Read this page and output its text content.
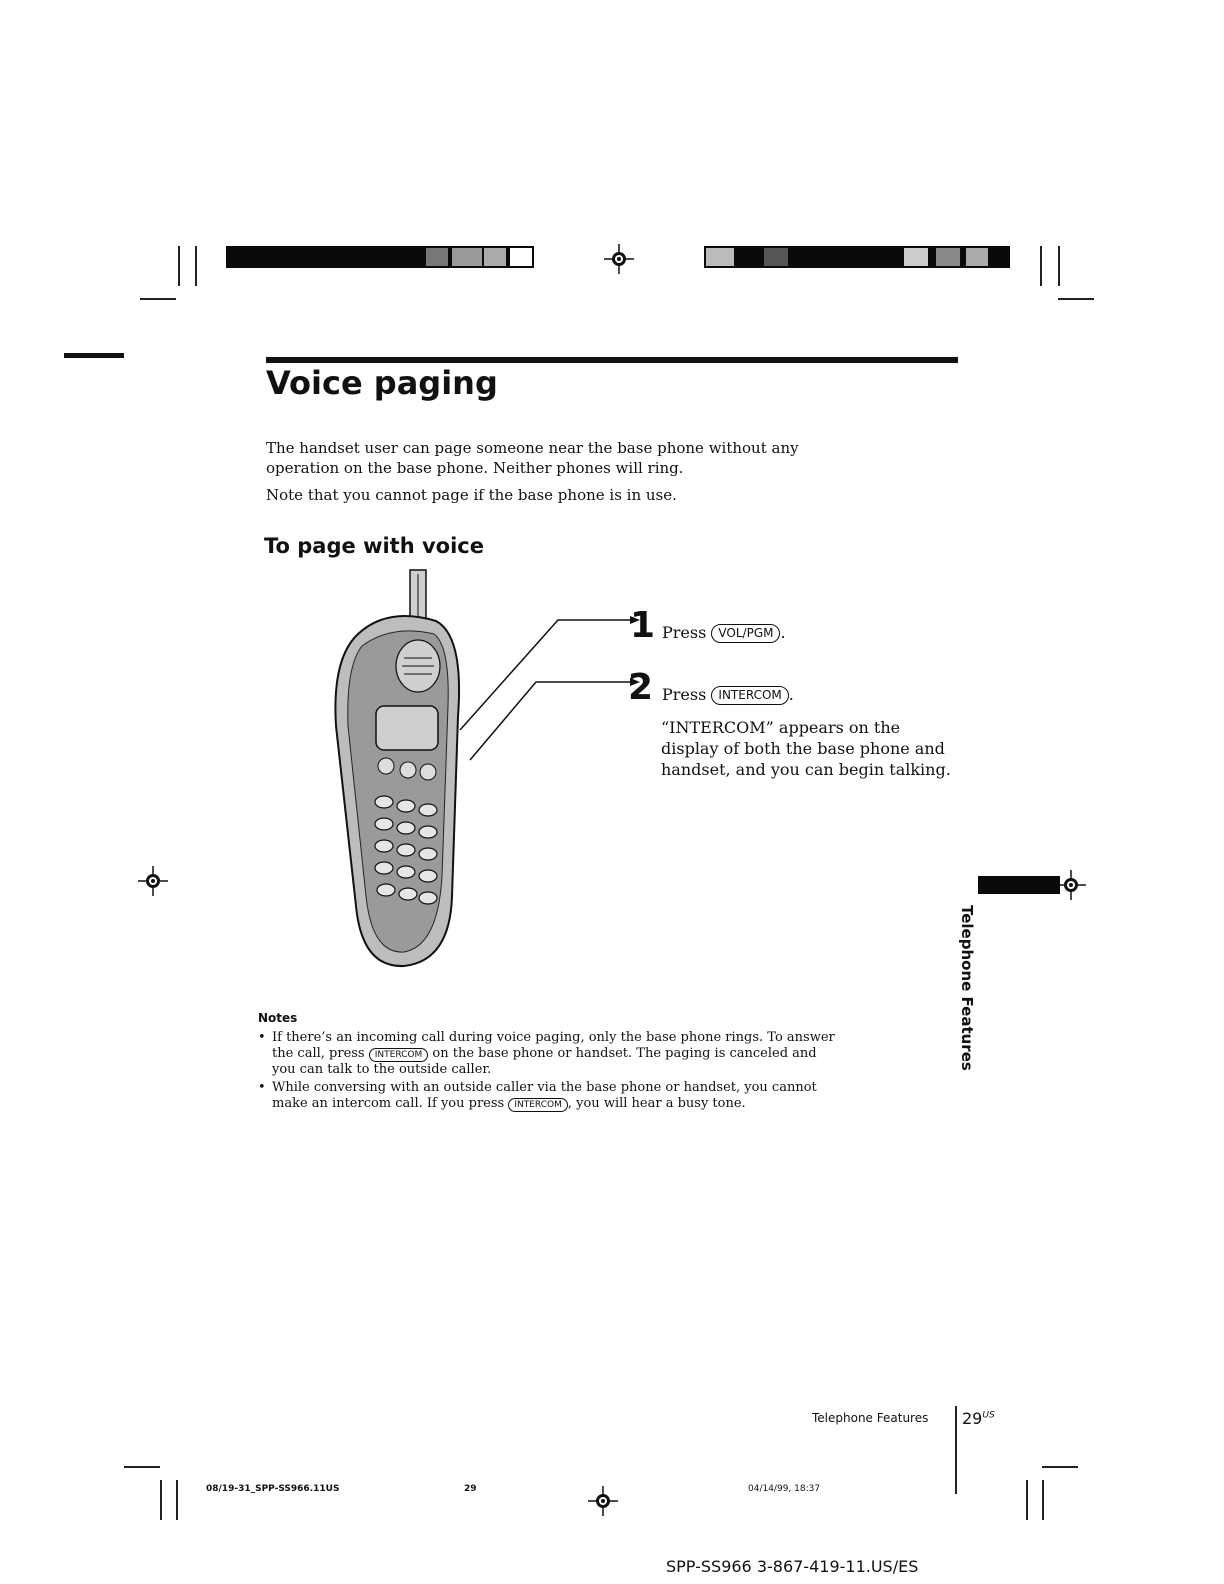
Voice paging

The handset user can page someone near the base phone without any operation on the base phone. Neither phones will ring.

Note that you cannot page if the base phone is in use.

To page with voice
1 Press VOL/PGM .
2 Press INTERCOM .
“INTERCOM” appears on the display of both the base phone and handset, and you can begin talking.
Notes
• If there’s an incoming call during voice paging, only the base phone rings. To answer the call, press INTERCOM on the base phone or handset. The paging is canceled and you can talk to the outside caller.
• While conversing with an outside caller via the base phone or handset, you cannot make an intercom call. If you press INTERCOM , you will hear a busy tone.
Telephone Features
Telephone Features $29^{US}$
08/19-31_SPP-SS966.11US	29	04/14/99, 18:37
SPP-SS966 3-867-419-11.US/ES
